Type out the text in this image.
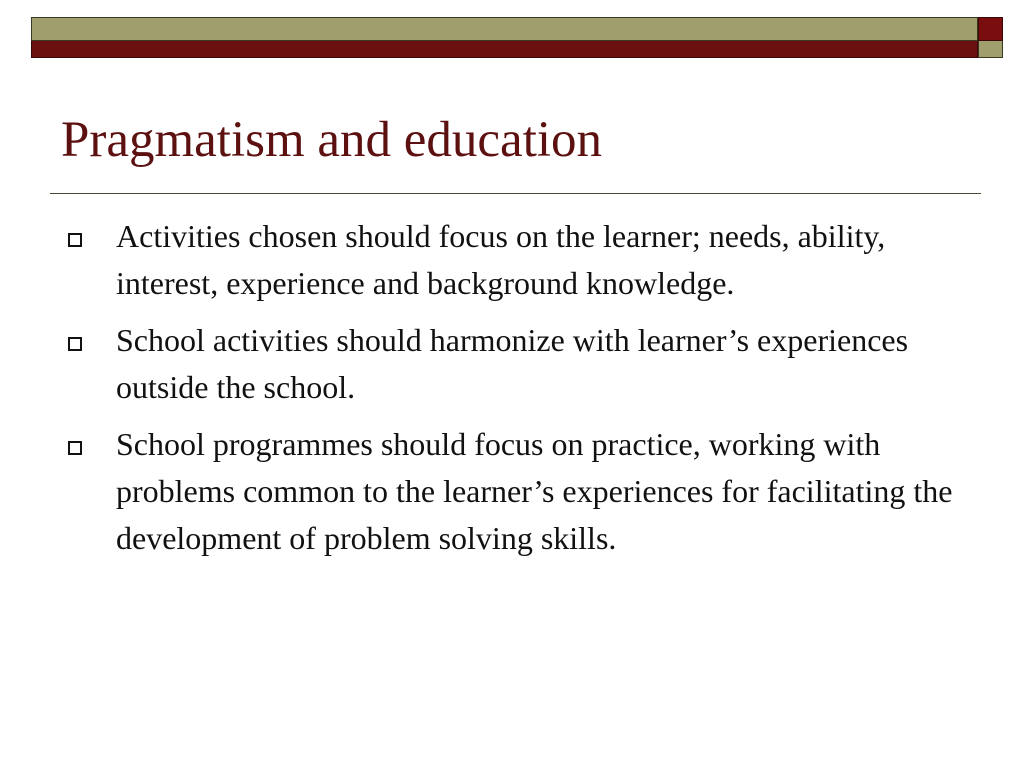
Pragmatism and education
Activities chosen should focus on the learner; needs, ability, interest, experience and background knowledge.
School activities should harmonize with learner’s experiences outside the school.
School programmes should focus on practice, working with problems common to the learner’s experiences for facilitating the development of problem solving skills.
